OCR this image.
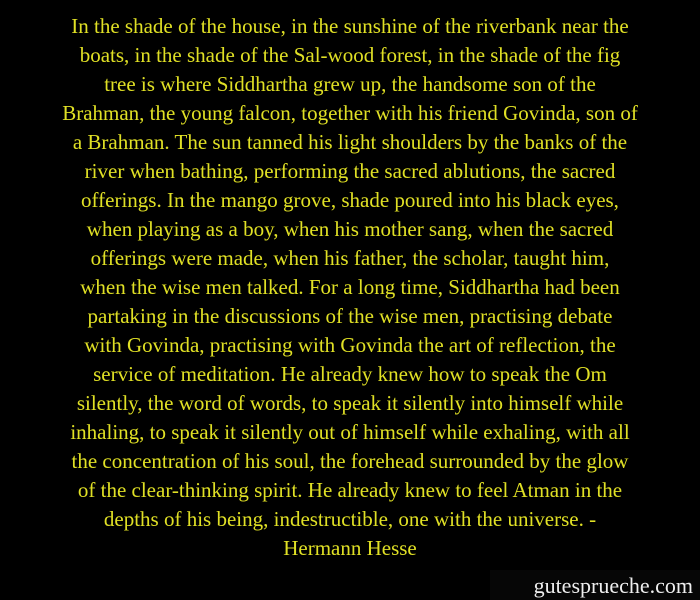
In the shade of the house, in the sunshine of the riverbank near the
boats, in the shade of the Sal-wood forest, in the shade of the fig
tree is where Siddhartha grew up, the handsome son of the
Brahman, the young falcon, together with his friend Govinda, son of
a Brahman. The sun tanned his light shoulders by the banks of the
river when bathing, performing the sacred ablutions, the sacred
offerings. In the mango grove, shade poured into his black eyes,
when playing as a boy, when his mother sang, when the sacred
offerings were made, when his father, the scholar, taught him,
when the wise men talked. For a long time, Siddhartha had been
partaking in the discussions of the wise men, practising debate
with Govinda, practising with Govinda the art of reflection, the
service of meditation. He already knew how to speak the Om
silently, the word of words, to speak it silently into himself while
inhaling, to speak it silently out of himself while exhaling, with all
the concentration of his soul, the forehead surrounded by the glow
of the clear-thinking spirit. He already knew to feel Atman in the
depths of his being, indestructible, one with the universe. -
Hermann Hesse
gutesprueche.com
